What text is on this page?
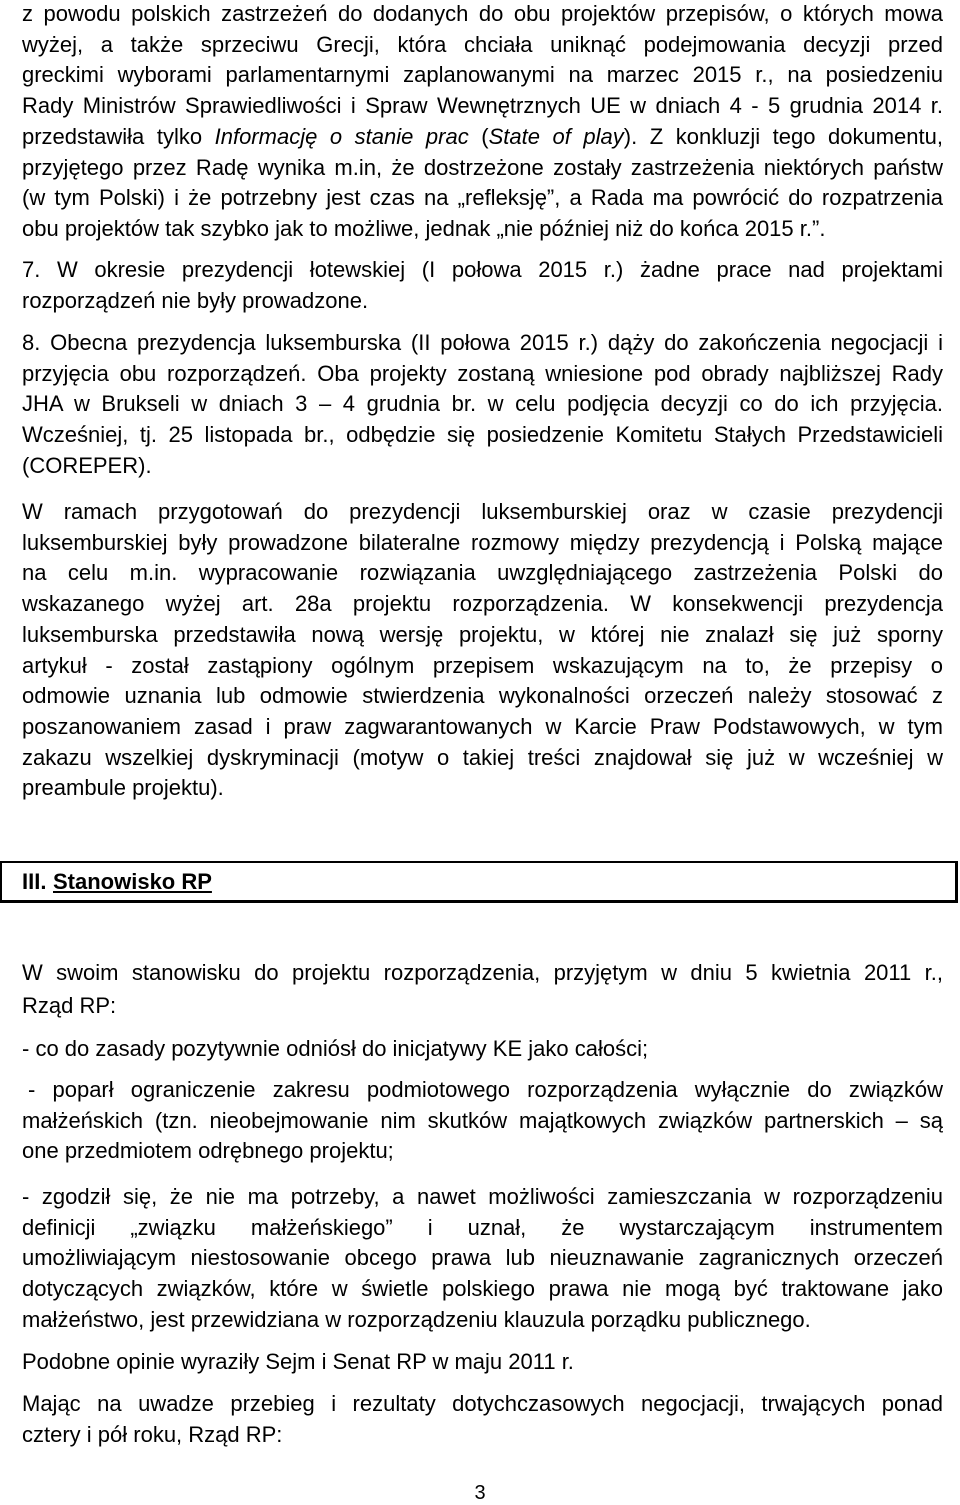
z powodu polskich zastrzeżeń do dodanych do obu projektów przepisów, o których mowa
wyżej, a także sprzeciwu Grecji, która chciała uniknąć podejmowania decyzji przed
greckimi wyborami parlamentarnymi zaplanowanymi na marzec 2015 r., na posiedzeniu
Rady Ministrów Sprawiedliwości i Spraw Wewnętrznych UE w dniach 4 - 5 grudnia 2014 r.
przedstawiła tylko Informację o stanie prac (State of play). Z konkluzji tego dokumentu,
przyjętego przez Radę wynika m.in, że dostrzeżone zostały zastrzeżenia niektórych państw
(w tym Polski) i że potrzebny jest czas na „refleksję”, a Rada ma powrócić do rozpatrzenia
obu projektów tak szybko jak to możliwe, jednak „nie później niż do końca 2015 r.”.
7. W okresie prezydencji łotewskiej (I połowa 2015 r.) żadne prace nad projektami
rozporządzeń nie były prowadzone.
8. Obecna prezydencja luksemburska (II połowa 2015 r.) dąży do zakończenia negocjacji i
przyjęcia obu rozporządzeń. Oba projekty zostaną wniesione pod obrady najbliższej Rady
JHA w Brukseli w dniach 3 – 4 grudnia br. w celu podjęcia decyzji co do ich przyjęcia.
Wcześniej, tj. 25 listopada br., odbędzie się posiedzenie Komitetu Stałych Przedstawicieli
(COREPER).
W ramach przygotowań do prezydencji luksemburskiej oraz w czasie prezydencji
luksemburskiej były prowadzone bilateralne rozmowy między prezydencją i Polską mające
na celu m.in. wypracowanie rozwiązania uwzględniającego zastrzeżenia Polski do
wskazanego wyżej art. 28a projektu rozporządzenia. W konsekwencji prezydencja
luksemburska przedstawiła nową wersję projektu, w której nie znalazł się już sporny
artykuł - został zastąpiony ogólnym przepisem wskazującym na to, że przepisy o
odmowie uznania lub odmowie stwierdzenia wykonalności orzeczeń należy stosować z
poszanowaniem zasad i praw zagwarantowanych w Karcie Praw Podstawowych, w tym
zakazu wszelkiej dyskryminacji (motyw o takiej treści znajdował się już w wcześniej w
preambule projektu).
III. Stanowisko RP
W swoim stanowisku do projektu rozporządzenia, przyjętym w dniu 5 kwietnia 2011 r.,
Rząd RP:
- co do zasady pozytywnie odniósł do inicjatywy KE jako całości;
- poparł ograniczenie zakresu podmiotowego rozporządzenia wyłącznie do związków
małżeńskich (tzn. nieobejmowanie nim skutków majątkowych związków partnerskich – są
one przedmiotem odrębnego projektu;
- zgodził się, że nie ma potrzeby, a nawet możliwości zamieszczania w rozporządzeniu
definicji „związku małżeńskiego” i uznał, że wystarczającym instrumentem
umożliwiającym niestosowanie obcego prawa lub nieuznawanie zagranicznych orzeczeń
dotyczących związków, które w świetle polskiego prawa nie mogą być traktowane jako
małżeństwo, jest przewidziana w rozporządzeniu klauzula porządku publicznego.
Podobne opinie wyraziły Sejm i Senat RP w maju 2011 r.
Mając na uwadze przebieg i rezultaty dotychczasowych negocjacji, trwających ponad
cztery i pół roku, Rząd RP:
3
